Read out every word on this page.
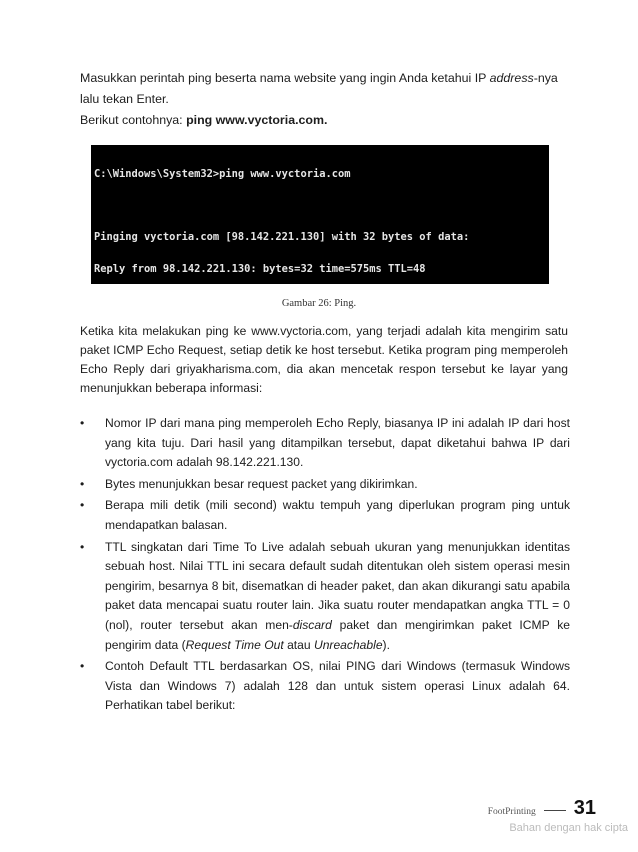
Masukkan perintah ping beserta nama website yang ingin Anda ketahui IP address-nya lalu tekan Enter.

Berikut contohnya: ping www.vyctoria.com.

C:\Windows\System32>ping www.vyctoria.com

Pinging vyctoria.com [98.142.221.130] with 32 bytes of data:

Reply from 98.142.221.130: bytes=32 time=575ms TTL=48

Gambar 26: Ping.

Ketika kita melakukan ping ke www.vyctoria.com, yang terjadi adalah kita mengirim satu paket ICMP Echo Request, setiap detik ke host tersebut. Ketika program ping memperoleh Echo Reply dari griyakharisma.com, dia akan mencetak respon tersebut ke layar yang menunjukkan beberapa informasi:

• Nomor IP dari mana ping memperoleh Echo Reply, biasanya IP ini adalah IP dari host yang kita tuju. Dari hasil yang ditampilkan tersebut, dapat diketahui bahwa IP dari vyctoria.com adalah 98.142.221.130.
• Bytes menunjukkan besar request packet yang dikirimkan.
• Berapa mili detik (mili second) waktu tempuh yang diperlukan program ping untuk mendapatkan balasan.
• TTL singkatan dari Time To Live adalah sebuah ukuran yang menunjukkan identitas sebuah host. Nilai TTL ini secara default sudah ditentukan oleh sistem operasi mesin pengirim, besarnya 8 bit, disematkan di header paket, dan akan dikurangi satu apabila paket data mencapai suatu router lain. Jika suatu router mendapatkan angka TTL = 0 (nol), router tersebut akan men-discard paket dan mengirimkan paket ICMP ke pengirim data (Request Time Out atau Unreachable).
• Contoh Default TTL berdasarkan OS, nilai PING dari Windows (termasuk Windows Vista dan Windows 7) adalah 128 dan untuk sistem operasi Linux adalah 64. Perhatikan tabel berikut:
FootPrinting 31
Bahan dengan hak cipta
